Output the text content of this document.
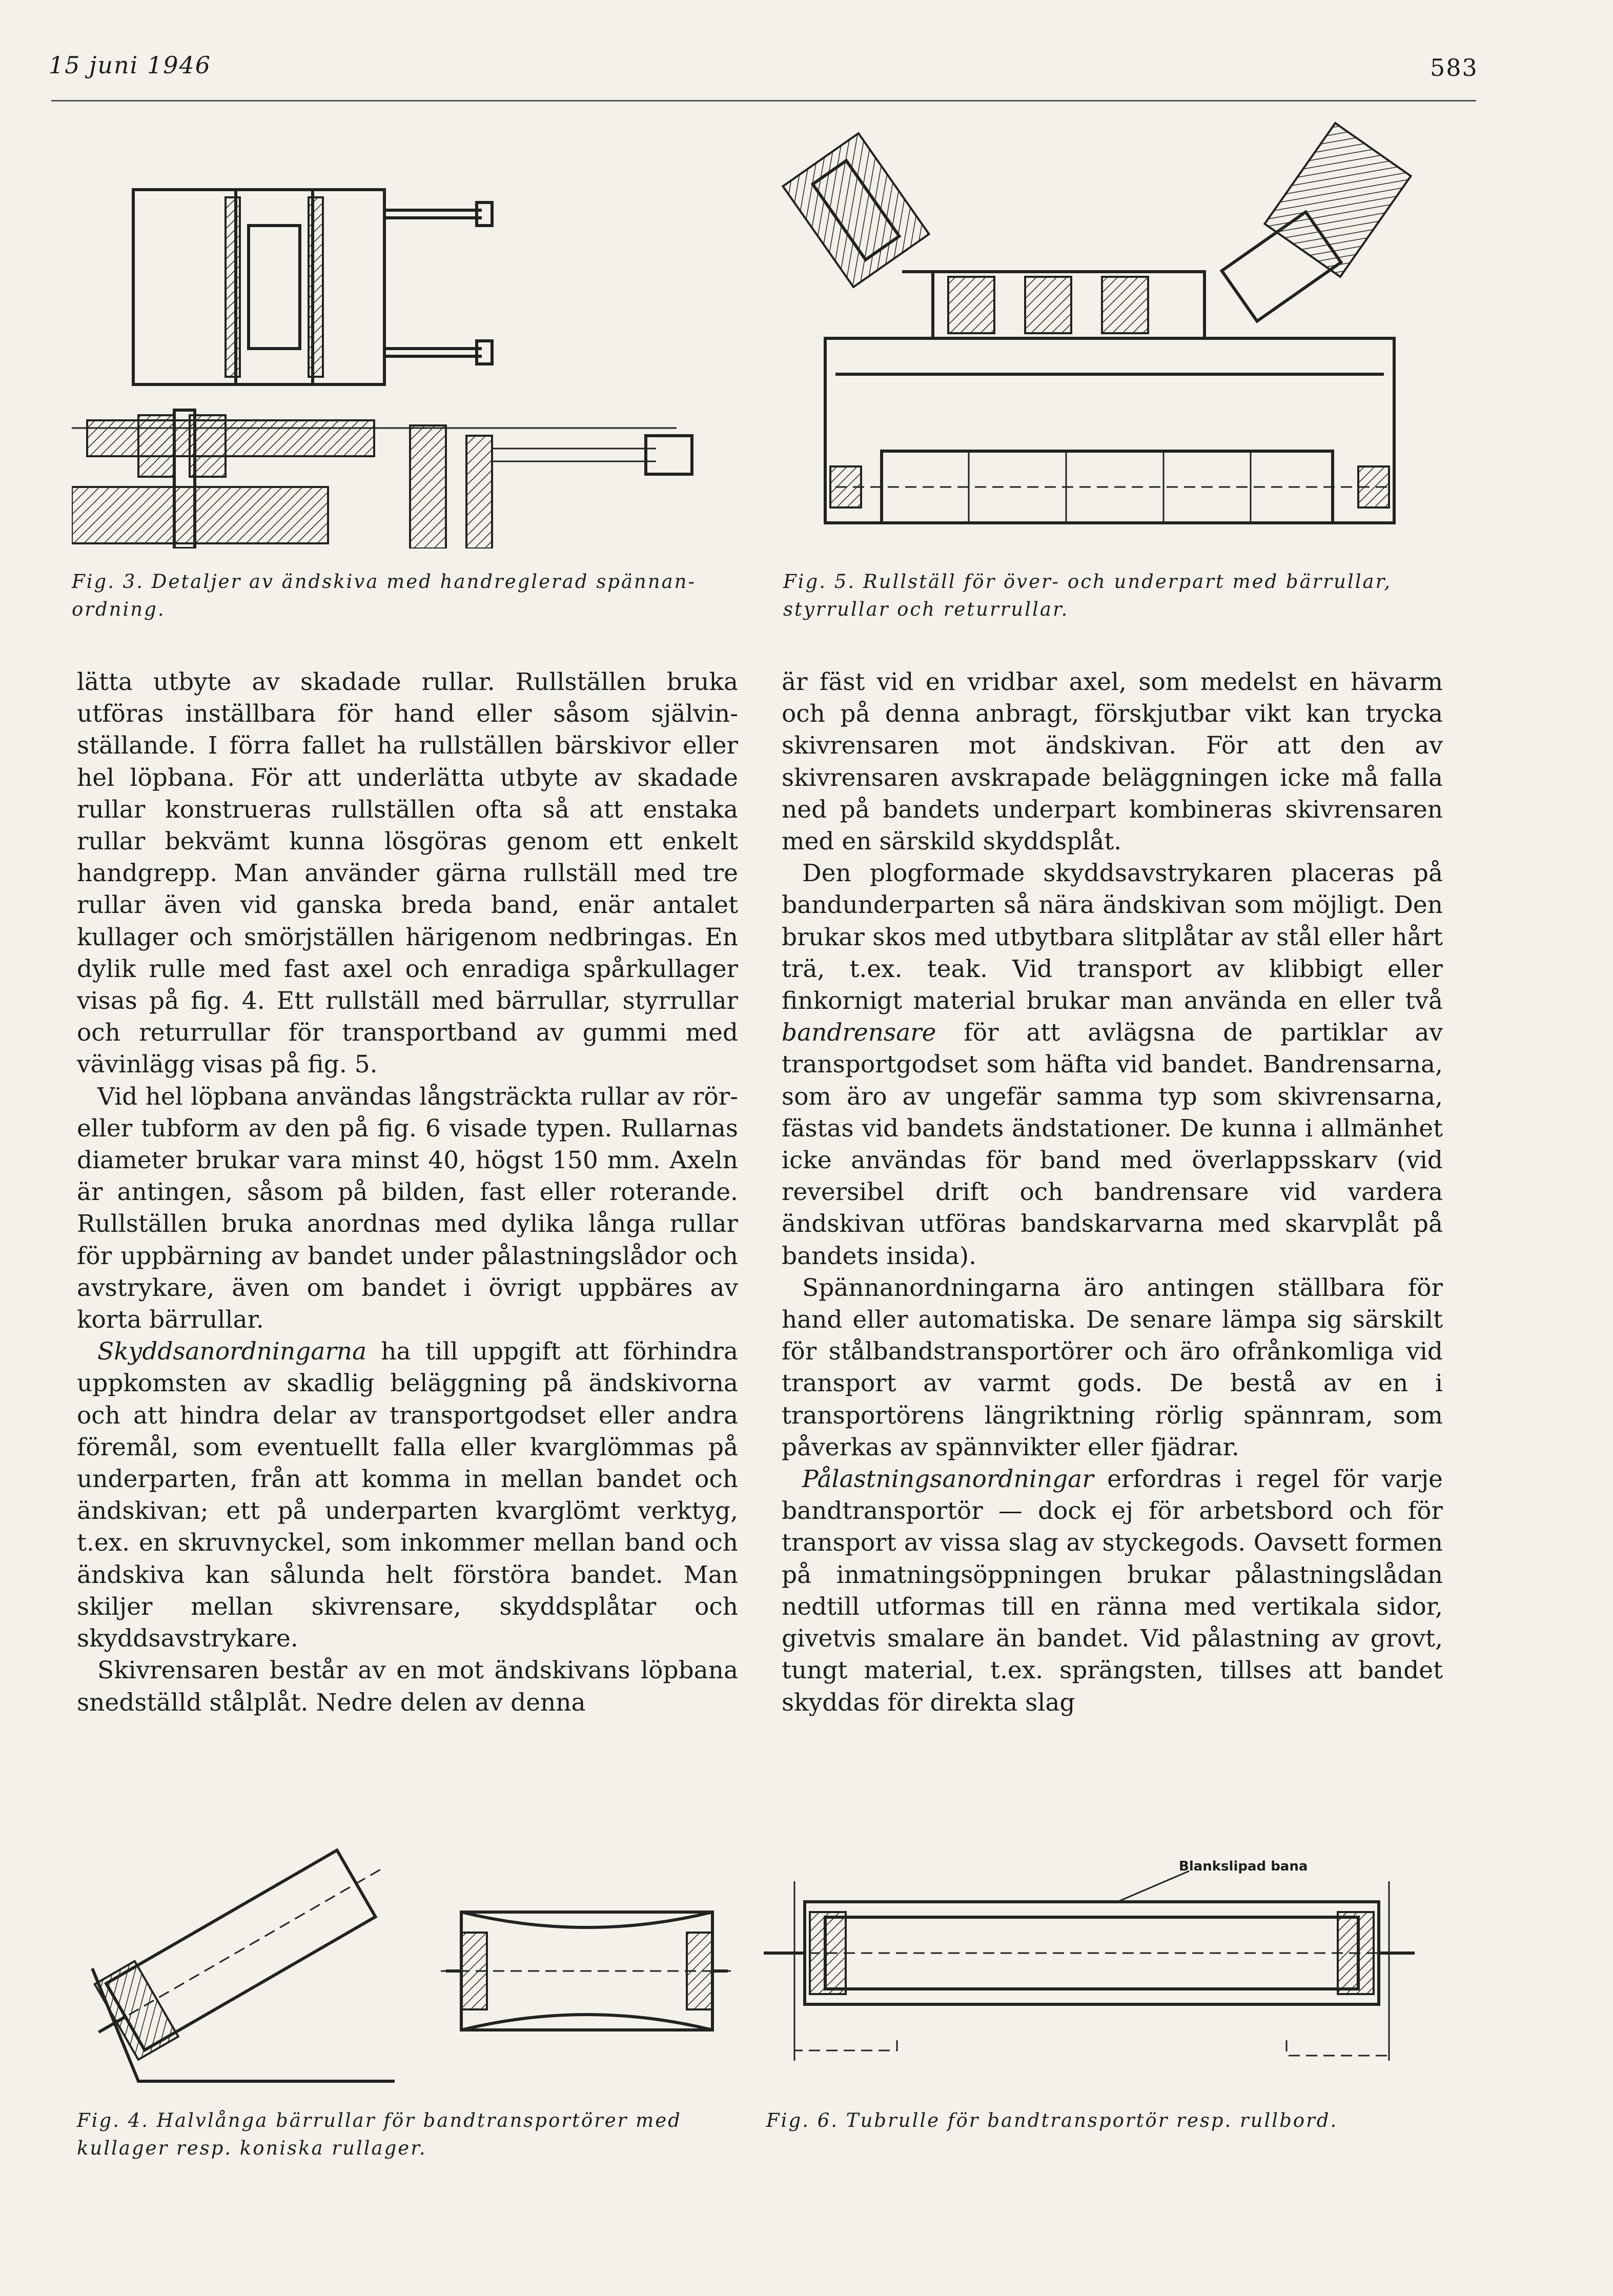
15 juni 1946	583
Fig. 3. Detaljer av ändskiva med handreglerad spännanordning.
Fig. 5. Rullställ för över- och underpart med bärrullar, styrrullar och returrullar.

lätta utbyte av skadade rullar. Rullställen bruka utföras inställbara för hand eller såsom självinställande. I förra fallet ha rullställen bärskivor eller hel löpbana. För att underlätta utbyte av skadade rullar konstrueras rullställen ofta så att enstaka rullar bekvämt kunna lösgöras genom ett enkelt handgrepp. Man använder gärna rullställ med tre rullar även vid ganska breda band, enär antalet kullager och smörjställen härigenom nedbringas. En dylik rulle med fast axel och enradiga spårkullager visas på fig. 4. Ett rullställ med bärrullar, styrrullar och returrullar för transportband av gummi med vävinlägg visas på fig. 5.

Vid hel löpbana användas långsträckta rullar av rör- eller tubform av den på fig. 6 visade typen. Rullarnas diameter brukar vara minst 40, högst 150 mm. Axeln är antingen, såsom på bilden, fast eller roterande. Rullställen bruka anordnas med dylika långa rullar för uppbärning av bandet under pålastningslådor och avstrykare, även om bandet i övrigt uppbäres av korta bärrullar.

Skyddsanordningarna ha till uppgift att förhindra uppkomsten av skadlig beläggning på ändskivorna och att hindra delar av transportgodset eller andra föremål, som eventuellt falla eller kvarglömmas på underparten, från att komma in mellan bandet och ändskivan; ett på underparten kvarglömt verktyg, t.ex. en skruvnyckel, som inkommer mellan band och ändskiva kan sålunda helt förstöra bandet. Man skiljer mellan skivrensare, skyddsplåtar och skyddsavstrykare.

Skivrensaren består av en mot ändskivans löpbana snedställd stålplåt. Nedre delen av denna

är fäst vid en vridbar axel, som medelst en hävarm och på denna anbragt, förskjutbar vikt kan trycka skivrensaren mot ändskivan. För att den av skivrensaren avskrapade beläggningen icke må falla ned på bandets underpart kombineras skivrensaren med en särskild skyddsplåt.

Den plogformade skyddsavstrykaren placeras på bandunderparten så nära ändskivan som möjligt. Den brukar skos med utbytbara slitplåtar av stål eller hårt trä, t.ex. teak. Vid transport av klibbigt eller finkornigt material brukar man använda en eller två bandrensare för att avlägsna de partiklar av transportgodset som häfta vid bandet. Bandrensarna, som äro av ungefär samma typ som skivrensarna, fästas vid bandets ändstationer. De kunna i allmänhet icke användas för band med överlappsskarv (vid reversibel drift och bandrensare vid vardera ändskivan utföras bandskarvarna med skarvplåt på bandets insida).

Spännanordningarna äro antingen ställbara för hand eller automatiska. De senare lämpa sig särskilt för stålbandstransportörer och äro ofrånkomliga vid transport av varmt gods. De bestå av en i transportörens längriktning rörlig spännram, som påverkas av spännvikter eller fjädrar.

Pålastningsanordningar erfordras i regel för varje bandtransportör — dock ej för arbetsbord och för transport av vissa slag av styckegods. Oavsett formen på inmatningsöppningen brukar pålastningslådan nedtill utformas till en ränna med vertikala sidor, givetvis smalare än bandet. Vid pålastning av grovt, tungt material, t.ex. sprängsten, tillses att bandet skyddas för direkta slag

Blankslipad bana
Fig. 4. Halvlånga bärrullar för bandtransportörer med kullager resp. koniska rullager.
Fig. 6. Tubrulle för bandtransportör resp. rullbord.
